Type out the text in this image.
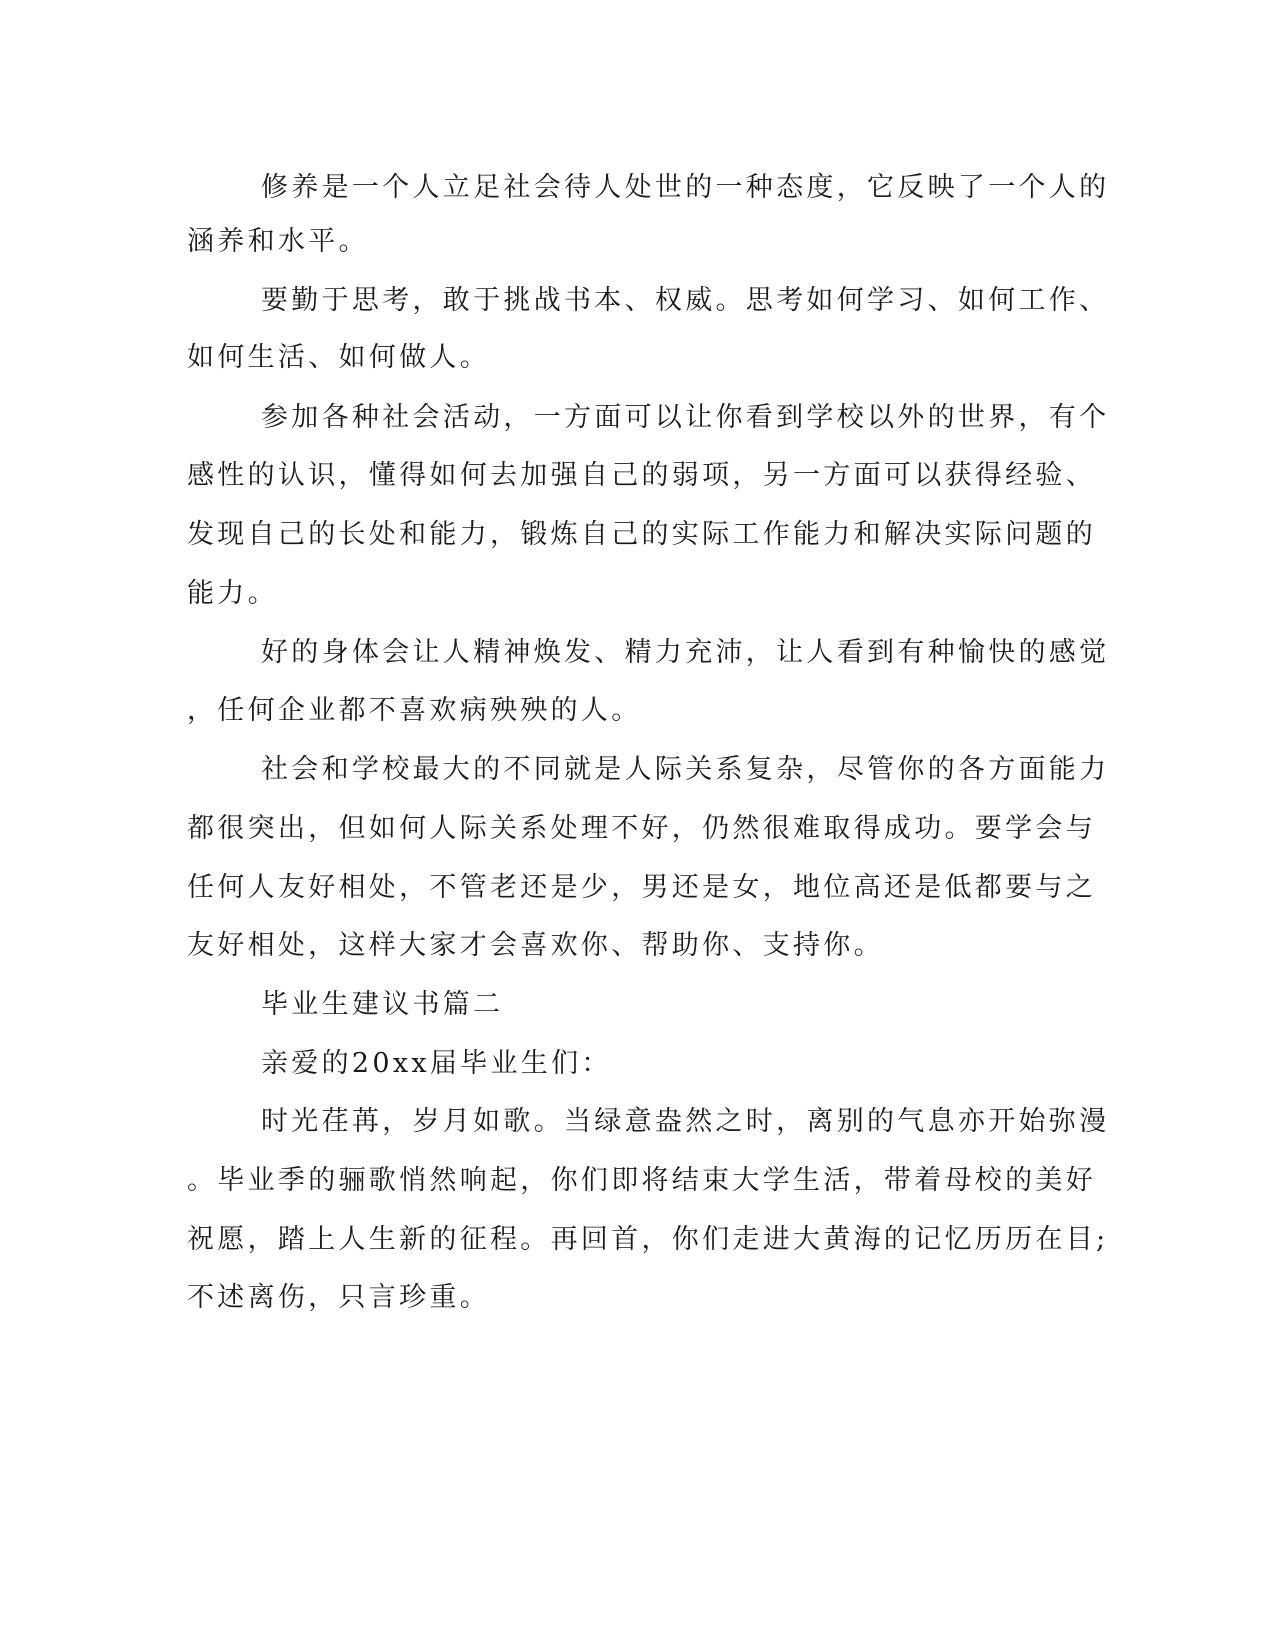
修养是一个人立足社会待人处世的一种态度，它反映了一个人的
涵养和水平。
要勤于思考，敢于挑战书本、权威。思考如何学习、如何工作、
如何生活、如何做人。
参加各种社会活动，一方面可以让你看到学校以外的世界，有个
感性的认识，懂得如何去加强自己的弱项，另一方面可以获得经验、
发现自己的长处和能力，锻炼自己的实际工作能力和解决实际问题的
能力。
好的身体会让人精神焕发、精力充沛，让人看到有种愉快的感觉
，任何企业都不喜欢病殃殃的人。
社会和学校最大的不同就是人际关系复杂，尽管你的各方面能力
都很突出，但如何人际关系处理不好，仍然很难取得成功。要学会与
任何人友好相处，不管老还是少，男还是女，地位高还是低都要与之
友好相处，这样大家才会喜欢你、帮助你、支持你。
毕业生建议书篇二
亲爱的20xx届毕业生们：
时光荏苒，岁月如歌。当绿意盎然之时，离别的气息亦开始弥漫
。毕业季的骊歌悄然响起，你们即将结束大学生活，带着母校的美好
祝愿，踏上人生新的征程。再回首，你们走进大黄海的记忆历历在目;
不述离伤，只言珍重。
